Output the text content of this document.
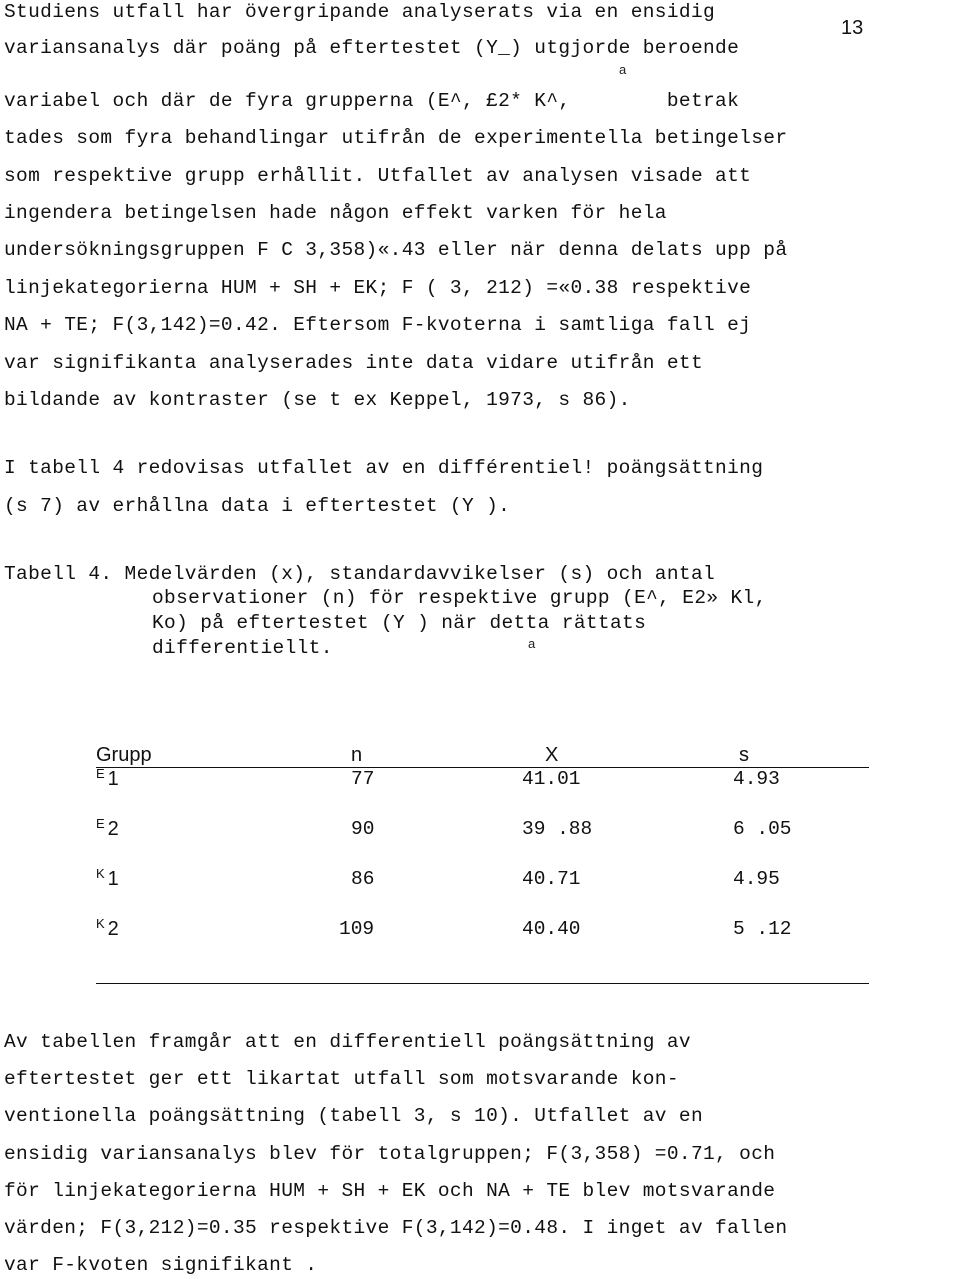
13
Studiens utfall har övergripande analyserats via en ensidig
variansanalys där poäng på eftertestet (Y_) utgjorde beroende
a
variabel och där de fyra grupperna (E^, £2* K^,        betrak
tades som fyra behandlingar utifrån de experimentella betingelser
som respektive grupp erhållit. Utfallet av analysen visade att
ingendera betingelsen hade någon effekt varken för hela
undersökningsgruppen F C 3,358)«.43 eller när denna delats upp på
linjekategorierna HUM + SH + EK; F ( 3, 212) =«0.38 respektive
NA + TE; F(3,142)=0.42. Eftersom F-kvoterna i samtliga fall ej
var signifikanta analyserades inte data vidare utifrån ett
bildande av kontraster (se t ex Keppel, 1973, s 86).
I tabell 4 redovisas utfallet av en différentiel! poängsättning
(s 7) av erhållna data i eftertestet (Y ).
Tabell 4. Medelvärden (x), standardavvikelser (s) och antal
observationer (n) för respektive grupp (E^, E2» Kl,
Ko) på eftertestet (Y ) när detta rättats
differentiellt.	a
Grupp	n	X	s
$^E$ 1	77	41.01	4.93
$^E$ 2	90	39 .88	6 .05
$^K$ 1	86	40.71	4.95
$^K$ 2	109	40.40	5 .12
Av tabellen framgår att en differentiell poängsättning av
eftertestet ger ett likartat utfall som motsvarande kon-
ventionella poängsättning (tabell 3, s 10). Utfallet av en
ensidig variansanalys blev för totalgruppen; F(3,358) =0.71, och
för linjekategorierna HUM + SH + EK och NA + TE blev motsvarande
värden; F(3,212)=0.35 respektive F(3,142)=0.48. I inget av fallen
var F-kvoten signifikant .
